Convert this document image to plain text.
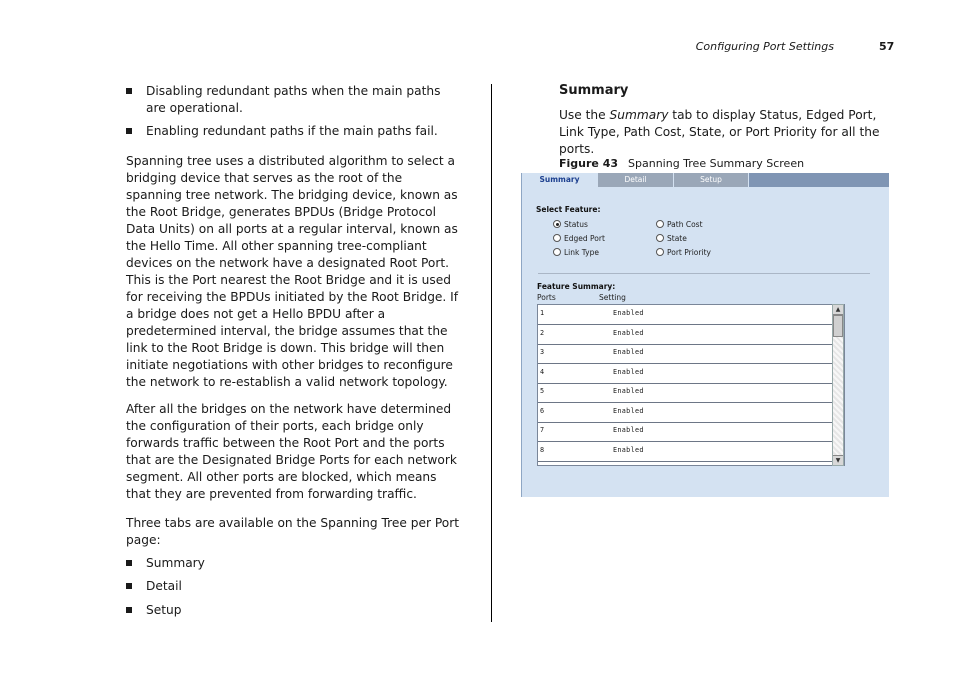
Configuring Port Settings	57
Disabling redundant paths when the main paths are operational.
Enabling redundant paths if the main paths fail.
Spanning tree uses a distributed algorithm to select a bridging device that serves as the root of the spanning tree network. The bridging device, known as the Root Bridge, generates BPDUs (Bridge Protocol Data Units) on all ports at a regular interval, known as the Hello Time. All other spanning tree-compliant devices on the network have a designated Root Port. This is the Port nearest the Root Bridge and it is used for receiving the BPDUs initiated by the Root Bridge. If a bridge does not get a Hello BPDU after a predetermined interval, the bridge assumes that the link to the Root Bridge is down. This bridge will then initiate negotiations with other bridges to reconfigure the network to re-establish a valid network topology.
After all the bridges on the network have determined the configuration of their ports, each bridge only forwards traffic between the Root Port and the ports that are the Designated Bridge Ports for each network segment. All other ports are blocked, which means that they are prevented from forwarding traffic.
Three tabs are available on the Spanning Tree per Port page:
Summary
Detail
Setup
Summary
Use the Summary tab to display Status, Edged Port, Link Type, Path Cost, State, or Port Priority for all the ports.
Figure 43 Spanning Tree Summary Screen
Summary	Detail	Setup
Select Feature:
Status	Path Cost
Edged Port	State
Link Type	Port Priority
Feature Summary:
Ports	Setting
1	Enabled
2	Enabled
3	Enabled
4	Enabled
5	Enabled
6	Enabled
7	Enabled
8	Enabled
▲
▼
